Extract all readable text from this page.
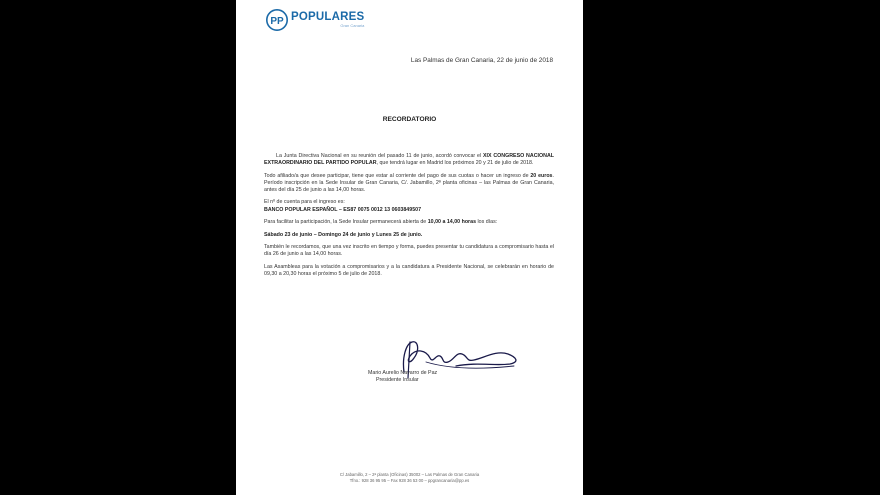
PP POPULARES
Gran Canaria
Las Palmas de Gran Canaria, 22 de junio de 2018
RECORDATORIO

La Junta Directiva Nacional en su reunión del pasado 11 de junio, acordó convocar el XIX CONGRESO NACIONAL EXTRAORDINARIO DEL PARTIDO POPULAR, que tendrá lugar en Madrid los próximos 20 y 21 de julio de 2018.

Todo afiliado/a que desee participar, tiene que estar al corriente del pago de sus cuotas o hacer un ingreso de 20 euros. Período inscripción en la Sede Insular de Gran Canaria, C/. Jabamillo, 2ª planta oficinas – las Palmas de Gran Canaria, antes del día 25 de junio a las 14,00 horas.

El nº de cuenta para el ingreso es:
BANCO POPULAR ESPAÑOL – ES87 0075 0012 13 0603849507

Para facilitar la participación, la Sede Insular permanecerá abierta de 10,00 a 14,00 horas los días:

Sábado 23 de junio – Domingo 24 de junio y Lunes 25 de junio.

También le recordamos, que una vez inscrito en tiempo y forma, puedes presentar tu candidatura a compromisario hasta el día 26 de junio a las 14,00 horas.

Las Asambleas para la votación a compromisarios y a la candidatura a Presidente Nacional, se celebrarán en horario de 09,30 a 20,30 horas el próximo 5 de julio de 2018.

Mario Aurelio Navarro de Paz
Presidente Insular
C/ Jabamillo, 2 – 2ª planta (Oficinas) 35002 – Las Palmas de Gran Canaria
Tfno.: 928 36 95 95 – Fax 928 36 53 00 – ppgrancanaria@pp.es
